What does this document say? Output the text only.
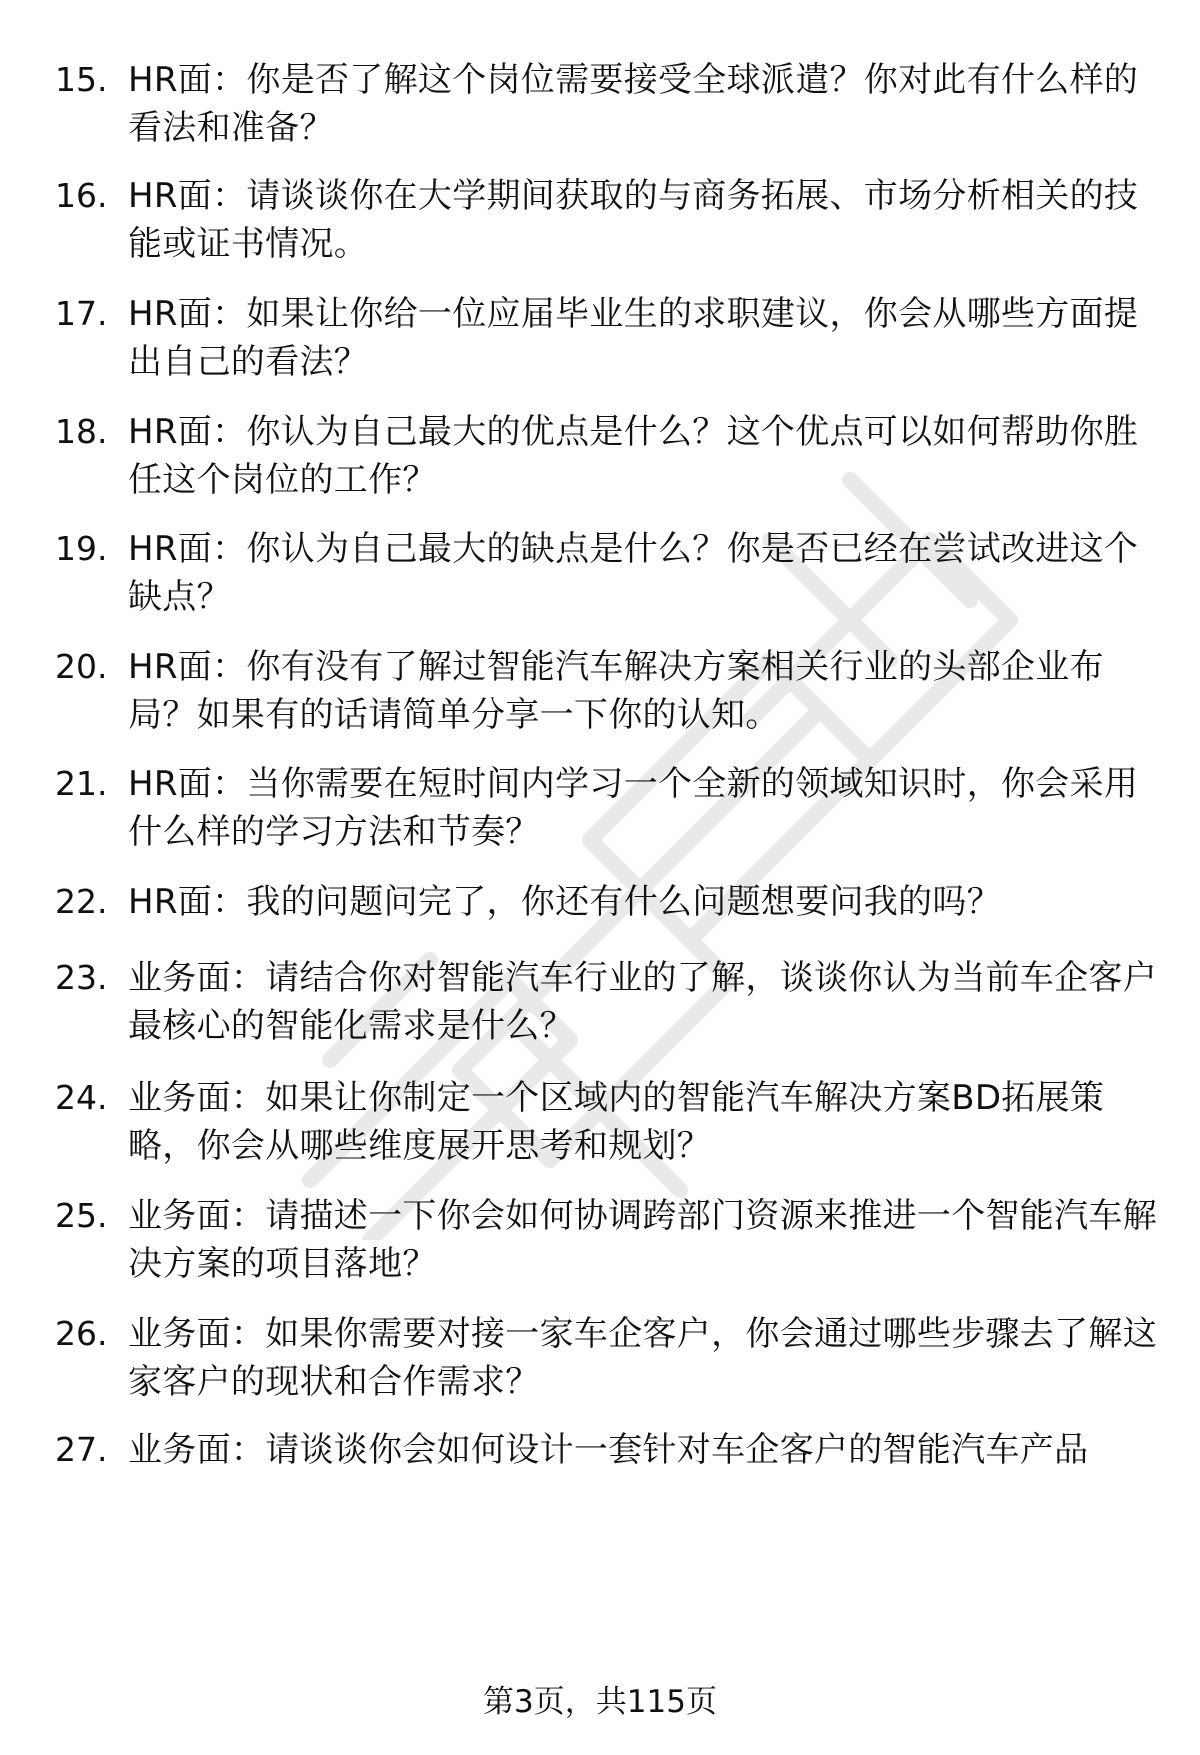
15. HR面：你是否了解这个岗位需要接受全球派遣？你对此有什么样的看法和准备？
16. HR面：请谈谈你在大学期间获取的与商务拓展、市场分析相关的技能或证书情况。
17. HR面：如果让你给一位应届毕业生的求职建议，你会从哪些方面提出自己的看法？
18. HR面：你认为自己最大的优点是什么？这个优点可以如何帮助你胜任这个岗位的工作？
19. HR面：你认为自己最大的缺点是什么？你是否已经在尝试改进这个缺点？
20. HR面：你有没有了解过智能汽车解决方案相关行业的头部企业布局？如果有的话请简单分享一下你的认知。
21. HR面：当你需要在短时间内学习一个全新的领域知识时，你会采用什么样的学习方法和节奏？
22. HR面：我的问题问完了，你还有什么问题想要问我的吗？
23. 业务面：请结合你对智能汽车行业的了解，谈谈你认为当前车企客户最核心的智能化需求是什么？
24. 业务面：如果让你制定一个区域内的智能汽车解决方案BD拓展策略，你会从哪些维度展开思考和规划？
25. 业务面：请描述一下你会如何协调跨部门资源来推进一个智能汽车解决方案的项目落地？
26. 业务面：如果你需要对接一家车企客户，你会通过哪些步骤去了解这家客户的现状和合作需求？
27. 业务面：请谈谈你会如何设计一套针对车企客户的智能汽车产品
第3页，共115页
